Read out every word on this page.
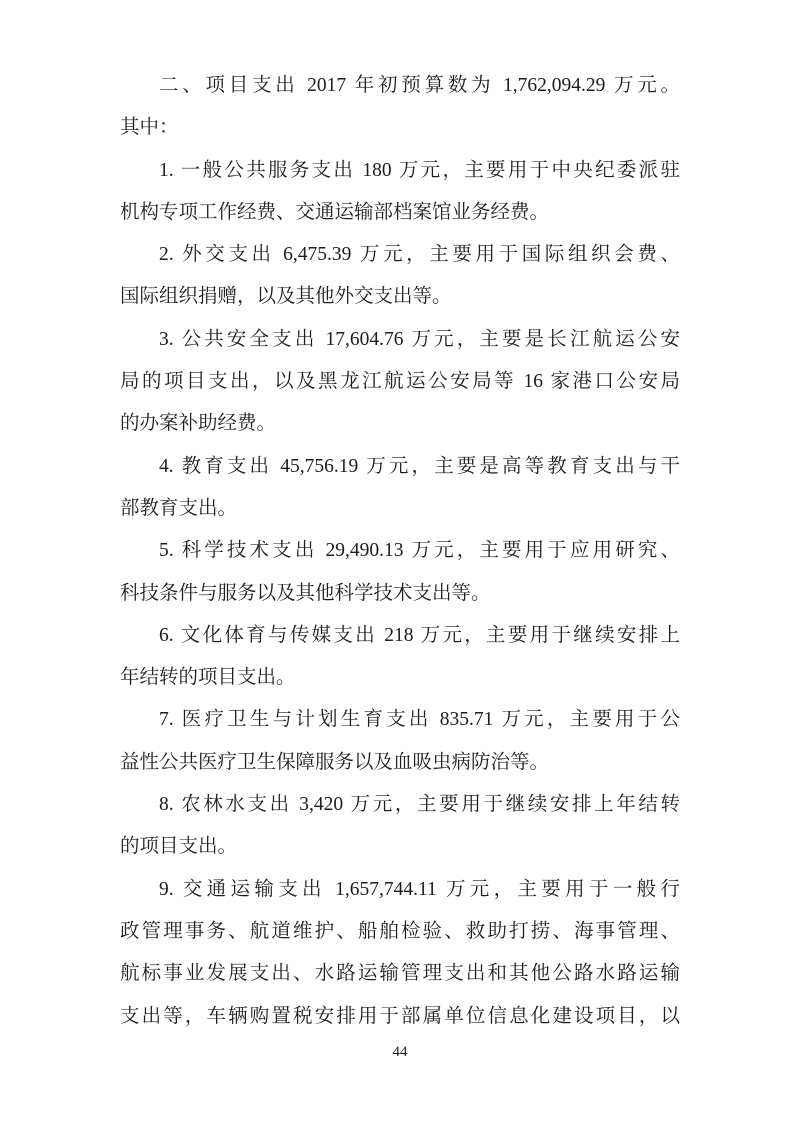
二、项目支出 2017 年初预算数为 1,762,094.29 万元。
其中：

1. 一般公共服务支出 180 万元，主要用于中央纪委派驻
机构专项工作经费、交通运输部档案馆业务经费。

2. 外交支出 6,475.39 万元，主要用于国际组织会费、
国际组织捐赠，以及其他外交支出等。

3. 公共安全支出 17,604.76 万元，主要是长江航运公安
局的项目支出，以及黑龙江航运公安局等 16 家港口公安局
的办案补助经费。

4. 教育支出 45,756.19 万元，主要是高等教育支出与干
部教育支出。

5. 科学技术支出 29,490.13 万元，主要用于应用研究、
科技条件与服务以及其他科学技术支出等。

6. 文化体育与传媒支出 218 万元，主要用于继续安排上
年结转的项目支出。

7. 医疗卫生与计划生育支出 835.71 万元，主要用于公
益性公共医疗卫生保障服务以及血吸虫病防治等。

8. 农林水支出 3,420 万元，主要用于继续安排上年结转
的项目支出。

9. 交通运输支出 1,657,744.11 万元，主要用于一般行
政管理事务、航道维护、船舶检验、救助打捞、海事管理、
航标事业发展支出、水路运输管理支出和其他公路水路运输
支出等，车辆购置税安排用于部属单位信息化建设项目，以

44
